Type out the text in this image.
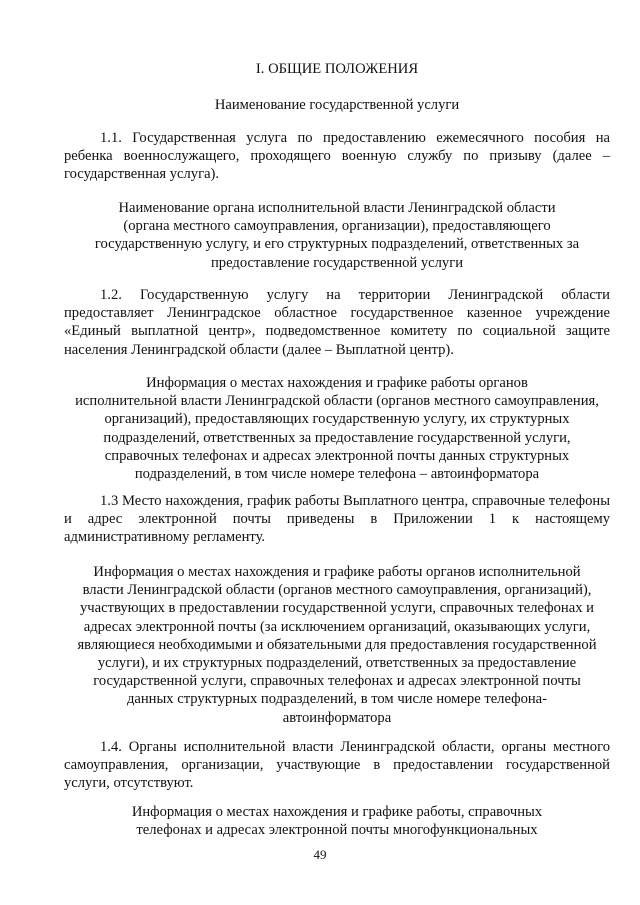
I. ОБЩИЕ ПОЛОЖЕНИЯ

Наименование государственной услуги

1.1. Государственная услуга по предоставлению ежемесячного пособия на ребенка военнослужащего, проходящего военную службу по призыву (далее – государственная услуга).

Наименование органа исполнительной власти Ленинградской области

(органа местного самоуправления, организации), предоставляющего

государственную услугу, и его структурных подразделений, ответственных за

предоставление государственной услуги

1.2. Государственную услугу на территории Ленинградской области предоставляет Ленинградское областное государственное казенное учреждение «Единый выплатной центр», подведомственное комитету по социальной защите населения Ленинградской области (далее – Выплатной центр).

Информация о местах нахождения и графике работы органов

исполнительной власти Ленинградской области (органов местного самоуправления,

организаций), предоставляющих государственную услугу, их структурных

подразделений, ответственных за предоставление государственной услуги,

справочных телефонах и адресах электронной почты данных структурных

подразделений, в том числе номере телефона – автоинформатора

1.3 Место нахождения, график работы Выплатного центра, справочные телефоны и адрес электронной почты приведены в Приложении 1 к настоящему административному регламенту.

Информация о местах нахождения и графике работы органов исполнительной

власти Ленинградской области (органов местного самоуправления, организаций),

участвующих в предоставлении государственной услуги, справочных телефонах и

адресах электронной почты (за исключением организаций, оказывающих услуги,

являющиеся необходимыми и обязательными для предоставления государственной

услуги), и их структурных подразделений, ответственных за предоставление

государственной услуги, справочных телефонах и адресах электронной почты

данных структурных подразделений, в том числе номере телефона-

автоинформатора

1.4. Органы исполнительной власти Ленинградской области, органы местного самоуправления, организации, участвующие в предоставлении государственной услуги, отсутствуют.

Информация о местах нахождения и графике работы, справочных

телефонах и адресах электронной почты многофункциональных

49
